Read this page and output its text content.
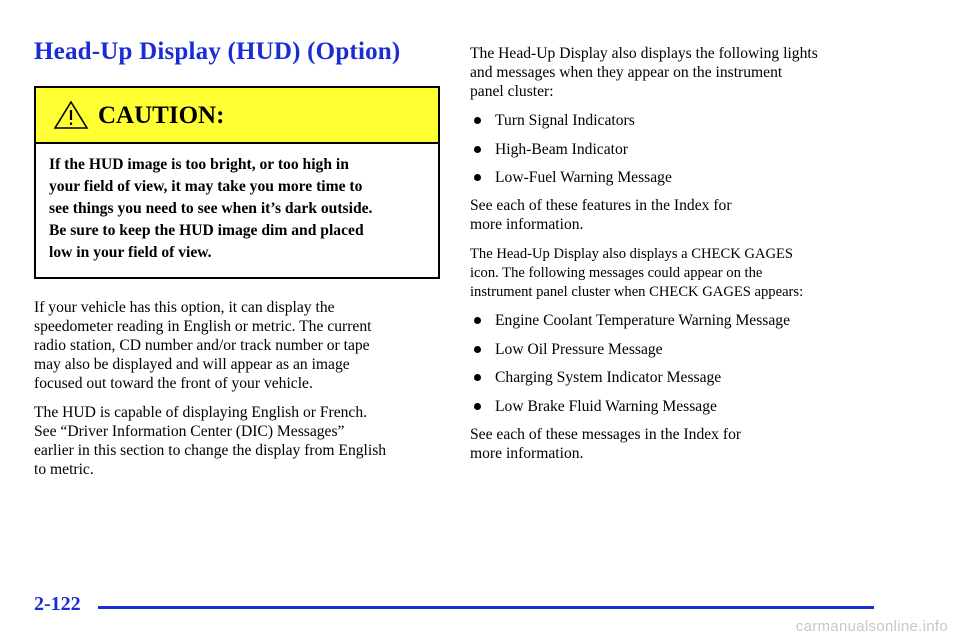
Head-Up Display (HUD) (Option)
CAUTION:
If the HUD image is too bright, or too high in
your field of view, it may take you more time to
see things you need to see when it’s dark outside.
Be sure to keep the HUD image dim and placed
low in your field of view.
If your vehicle has this option, it can display the
speedometer reading in English or metric. The current
radio station, CD number and/or track number or tape
may also be displayed and will appear as an image
focused out toward the front of your vehicle.
The HUD is capable of displaying English or French.
See “Driver Information Center (DIC) Messages”
earlier in this section to change the display from English
to metric.
The Head-Up Display also displays the following lights
and messages when they appear on the instrument
panel cluster:
Turn Signal Indicators
High-Beam Indicator
Low-Fuel Warning Message
See each of these features in the Index for
more information.
The Head-Up Display also displays a CHECK GAGES
icon. The following messages could appear on the
instrument panel cluster when CHECK GAGES appears:
Engine Coolant Temperature Warning Message
Low Oil Pressure Message
Charging System Indicator Message
Low Brake Fluid Warning Message
See each of these messages in the Index for
more information.
2-122
carmanualsonline.info
